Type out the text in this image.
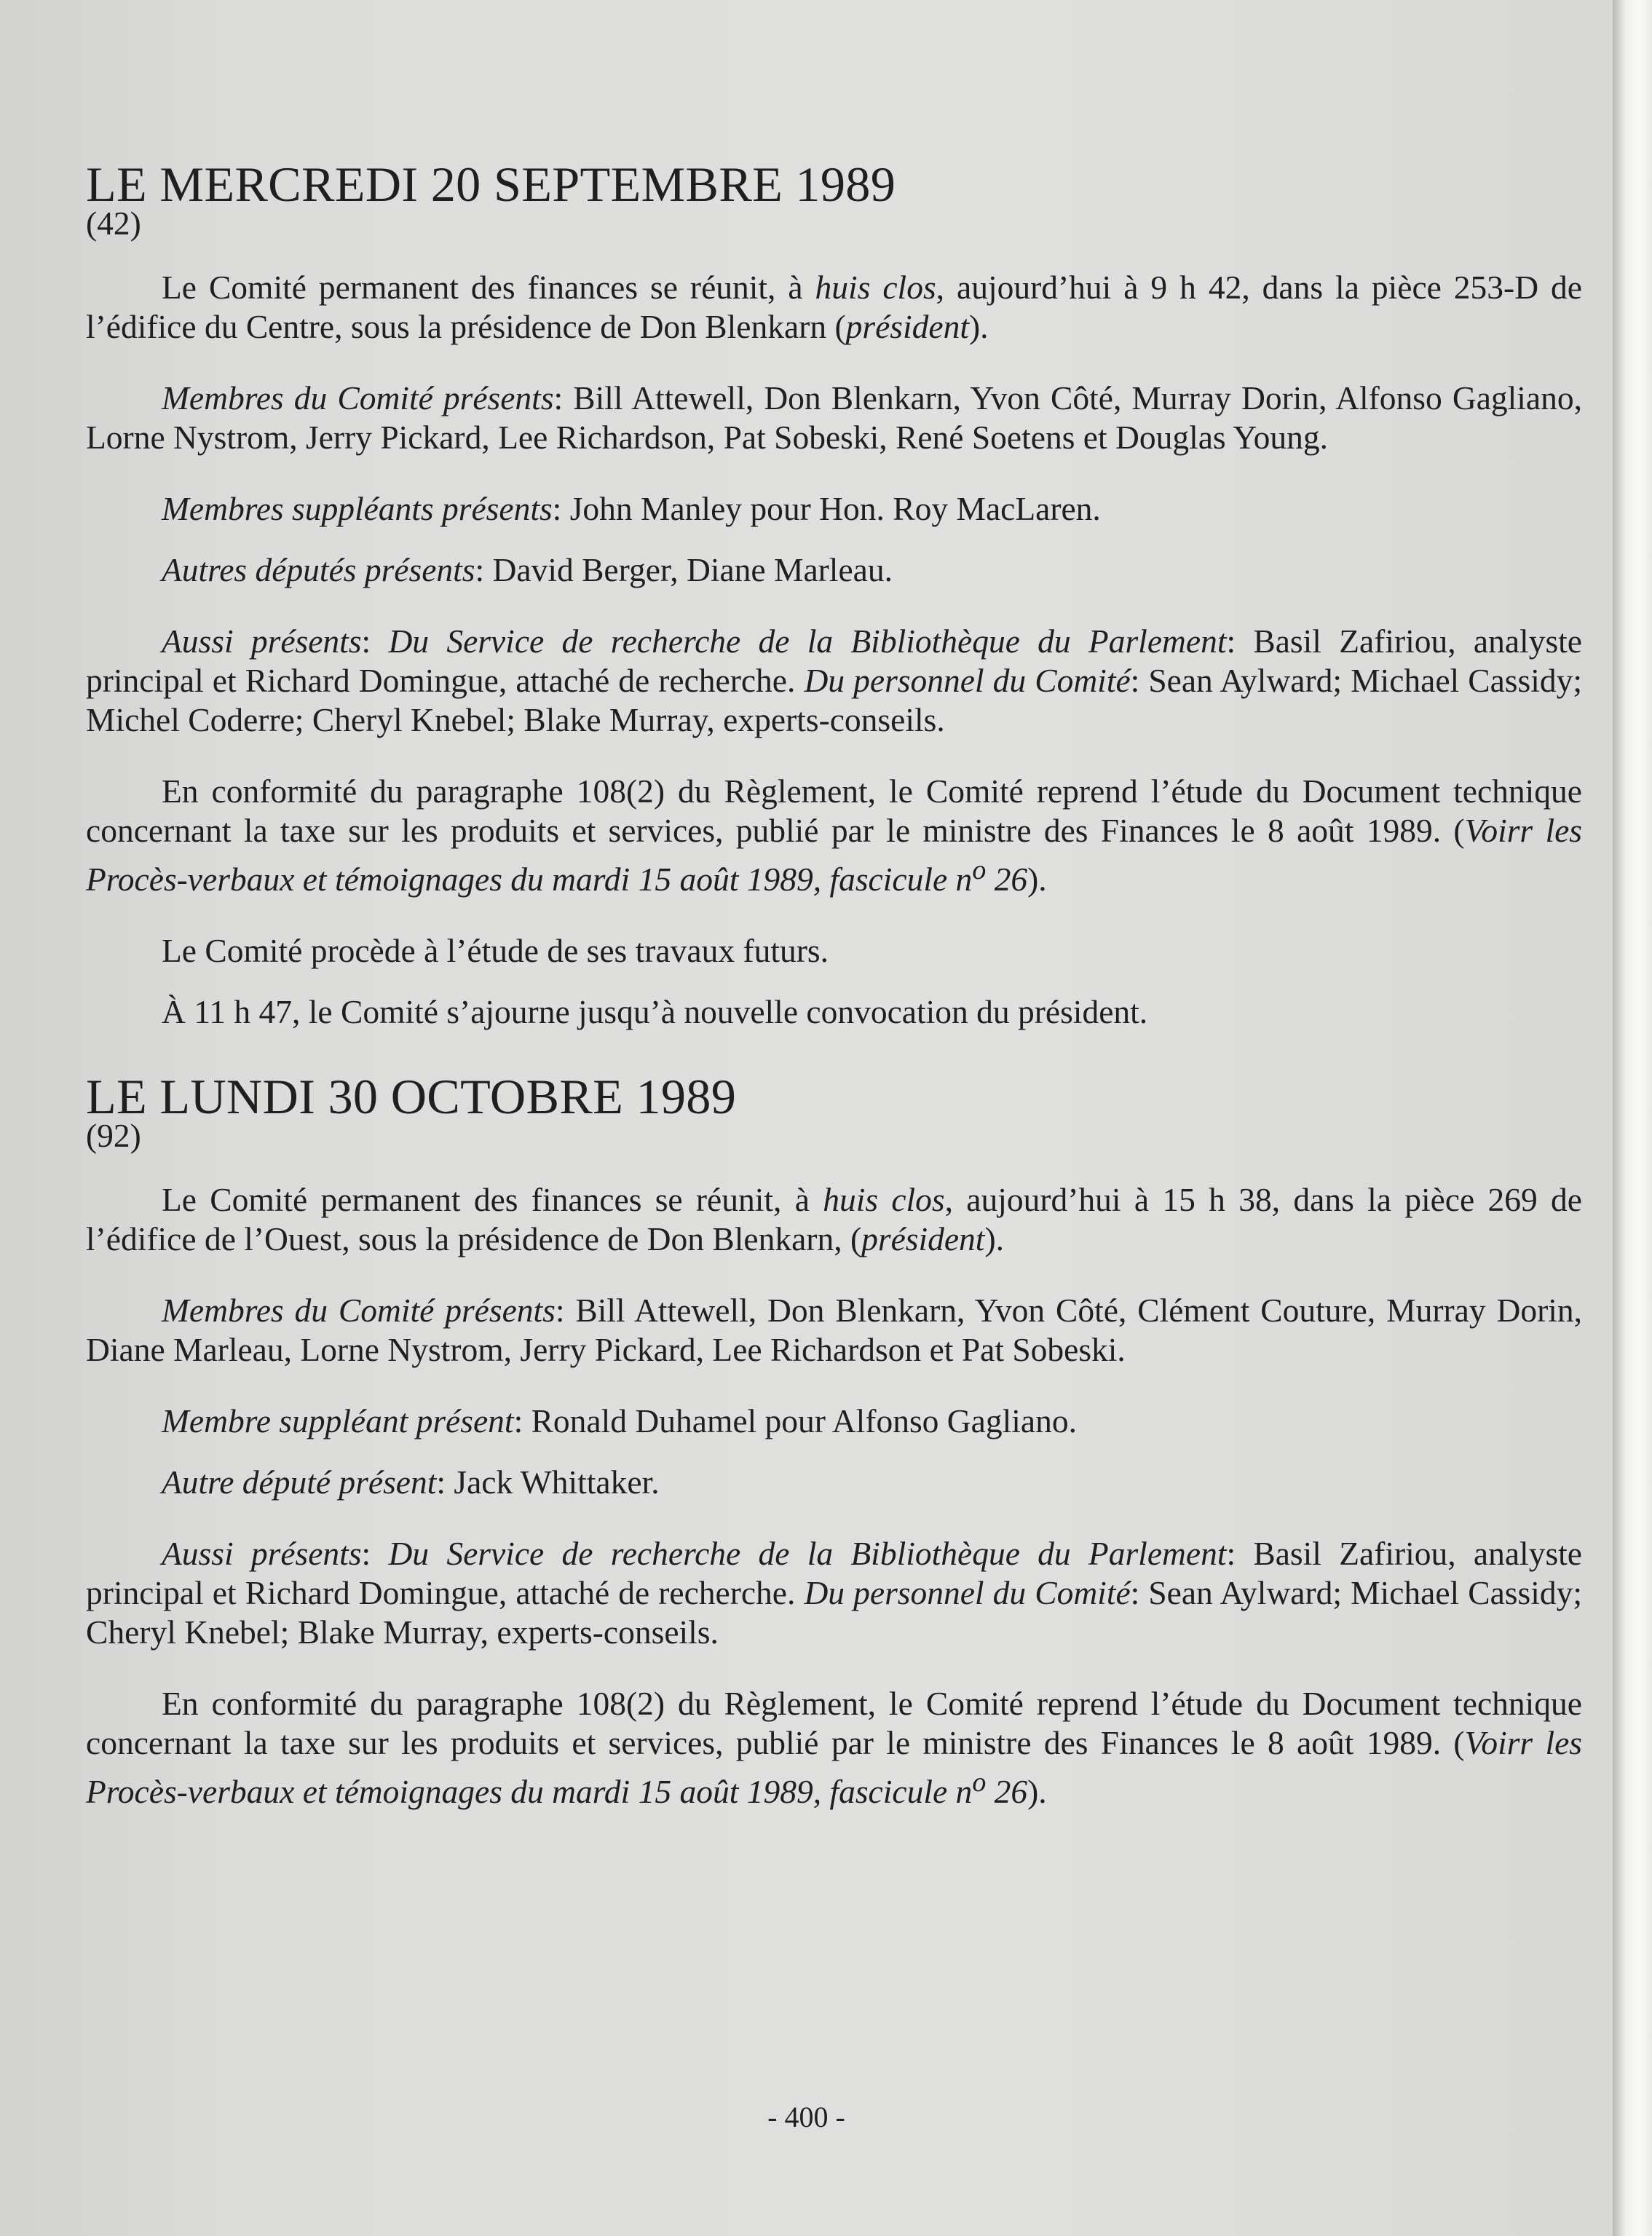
LE MERCREDI 20 SEPTEMBRE 1989
(42)

Le Comité permanent des finances se réunit, à huis clos, aujourd’hui à 9 h 42, dans la pièce 253-D de l’édifice du Centre, sous la présidence de Don Blenkarn (président).

Membres du Comité présents: Bill Attewell, Don Blenkarn, Yvon Côté, Murray Dorin, Alfonso Gagliano, Lorne Nystrom, Jerry Pickard, Lee Richardson, Pat Sobeski, René Soetens et Douglas Young.

Membres suppléants présents: John Manley pour Hon. Roy MacLaren.

Autres députés présents: David Berger, Diane Marleau.

Aussi présents: Du Service de recherche de la Bibliothèque du Parlement: Basil Zafiriou, analyste principal et Richard Domingue, attaché de recherche. Du personnel du Comité: Sean Aylward; Michael Cassidy; Michel Coderre; Cheryl Knebel; Blake Murray, experts-conseils.

En conformité du paragraphe 108(2) du Règlement, le Comité reprend l’étude du Document technique concernant la taxe sur les produits et services, publié par le ministre des Finances le 8 août 1989. (Voirr les Procès-verbaux et témoignages du mardi 15 août 1989, fascicule $n^o$ 26).

Le Comité procède à l’étude de ses travaux futurs.

À 11 h 47, le Comité s’ajourne jusqu’à nouvelle convocation du président.

LE LUNDI 30 OCTOBRE 1989
(92)

Le Comité permanent des finances se réunit, à huis clos, aujourd’hui à 15 h 38, dans la pièce 269 de l’édifice de l’Ouest, sous la présidence de Don Blenkarn, (président).

Membres du Comité présents: Bill Attewell, Don Blenkarn, Yvon Côté, Clément Couture, Murray Dorin, Diane Marleau, Lorne Nystrom, Jerry Pickard, Lee Richardson et Pat Sobeski.

Membre suppléant présent: Ronald Duhamel pour Alfonso Gagliano.

Autre député présent: Jack Whittaker.

Aussi présents: Du Service de recherche de la Bibliothèque du Parlement: Basil Zafiriou, analyste principal et Richard Domingue, attaché de recherche. Du personnel du Comité: Sean Aylward; Michael Cassidy; Cheryl Knebel; Blake Murray, experts-conseils.

En conformité du paragraphe 108(2) du Règlement, le Comité reprend l’étude du Document technique concernant la taxe sur les produits et services, publié par le ministre des Finances le 8 août 1989. (Voirr les Procès-verbaux et témoignages du mardi 15 août 1989, fascicule $n^o$ 26).

- 400 -
